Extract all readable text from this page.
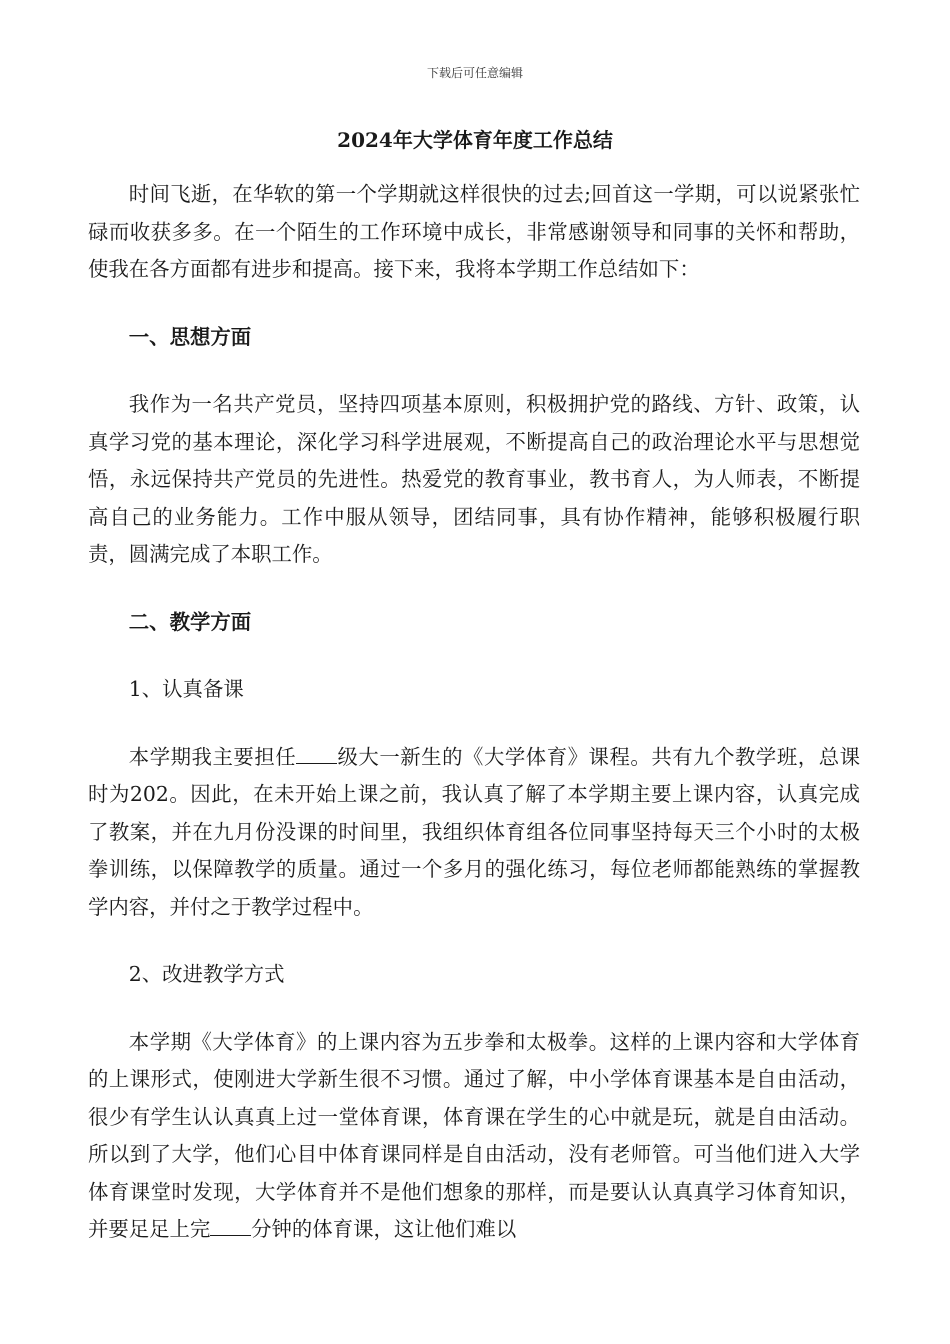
下载后可任意编辑
2024年大学体育年度工作总结

时间飞逝，在华软的第一个学期就这样很快的过去;回首这一学期，可以说紧张忙碌而收获多多。在一个陌生的工作环境中成长，非常感谢领导和同事的关怀和帮助，使我在各方面都有进步和提高。接下来，我将本学期工作总结如下：

一、思想方面

我作为一名共产党员，坚持四项基本原则，积极拥护党的路线、方针、政策，认真学习党的基本理论，深化学习科学进展观，不断提高自己的政治理论水平与思想觉悟，永远保持共产党员的先进性。热爱党的教育事业，教书育人，为人师表，不断提高自己的业务能力。工作中服从领导，团结同事，具有协作精神，能够积极履行职责，圆满完成了本职工作。

二、教学方面

1、认真备课

本学期我主要担任 级大一新生的《大学体育》课程。共有九个教学班，总课时为202。因此，在未开始上课之前，我认真了解了本学期主要上课内容，认真完成了教案，并在九月份没课的时间里，我组织体育组各位同事坚持每天三个小时的太极拳训练，以保障教学的质量。通过一个多月的强化练习，每位老师都能熟练的掌握教学内容，并付之于教学过程中。

2、改进教学方式

本学期《大学体育》的上课内容为五步拳和太极拳。这样的上课内容和大学体育的上课形式，使刚进大学新生很不习惯。通过了解，中小学体育课基本是自由活动，很少有学生认认真真上过一堂体育课，体育课在学生的心中就是玩，就是自由活动。所以到了大学，他们心目中体育课同样是自由活动，没有老师管。可当他们进入大学体育课堂时发现，大学体育并不是他们想象的那样，而是要认认真真学习体育知识，并要足足上完 分钟的体育课，这让他们难以
